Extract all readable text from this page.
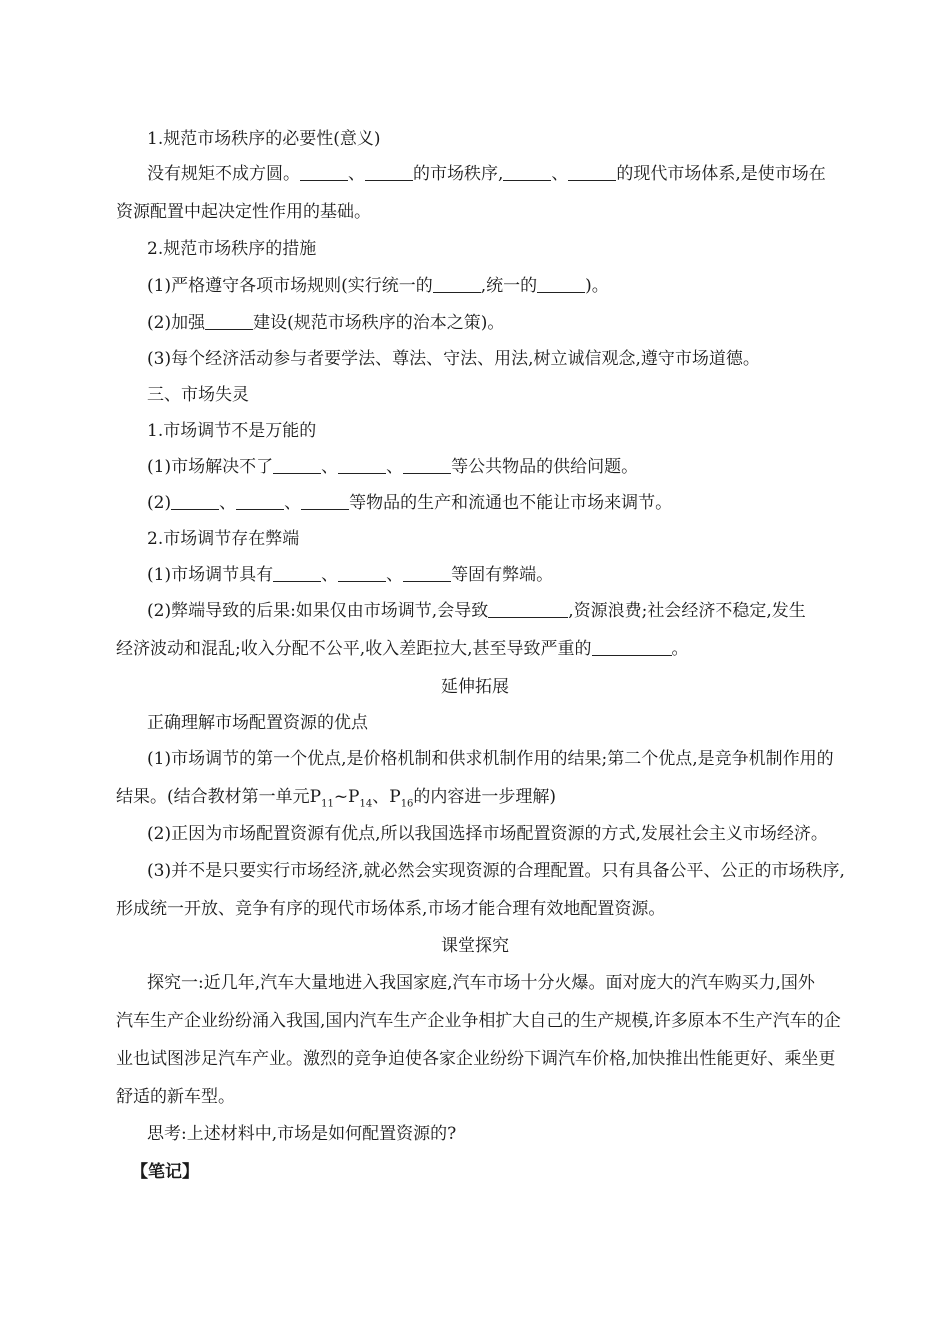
1.规范市场秩序的必要性(意义)
没有规矩不成方圆。	、	的市场秩序,	、	的现代市场体系,是使市场在
资源配置中起决定性作用的基础。
2.规范市场秩序的措施
(1)严格遵守各项市场规则(实行统一的	,统一的	)。
(2)加强	建设(规范市场秩序的治本之策)。
(3)每个经济活动参与者要学法、尊法、守法、用法,树立诚信观念,遵守市场道德。
三、市场失灵
1.市场调节不是万能的
(1)市场解决不了	、	、	等公共物品的供给问题。
(2)	、	、	等物品的生产和流通也不能让市场来调节。
2.市场调节存在弊端
(1)市场调节具有	、	、	等固有弊端。
(2)弊端导致的后果:如果仅由市场调节,会导致	,资源浪费;社会经济不稳定,发生
经济波动和混乱;收入分配不公平,收入差距拉大,甚至导致严重的	。
延伸拓展
正确理解市场配置资源的优点
(1)市场调节的第一个优点,是价格机制和供求机制作用的结果;第二个优点,是竞争机制作用的
结果。(结合教材第一单元$P_{11}\sim P_{14}$、$P_{16}$的内容进一步理解)
(2)正因为市场配置资源有优点,所以我国选择市场配置资源的方式,发展社会主义市场经济。
(3)并不是只要实行市场经济,就必然会实现资源的合理配置。只有具备公平、公正的市场秩序,
形成统一开放、竞争有序的现代市场体系,市场才能合理有效地配置资源。
课堂探究
探究一:近几年,汽车大量地进入我国家庭,汽车市场十分火爆。面对庞大的汽车购买力,国外
汽车生产企业纷纷涌入我国,国内汽车生产企业争相扩大自己的生产规模,许多原本不生产汽车的企
业也试图涉足汽车产业。激烈的竞争迫使各家企业纷纷下调汽车价格,加快推出性能更好、乘坐更
舒适的新车型。
思考:上述材料中,市场是如何配置资源的?
【笔记】
